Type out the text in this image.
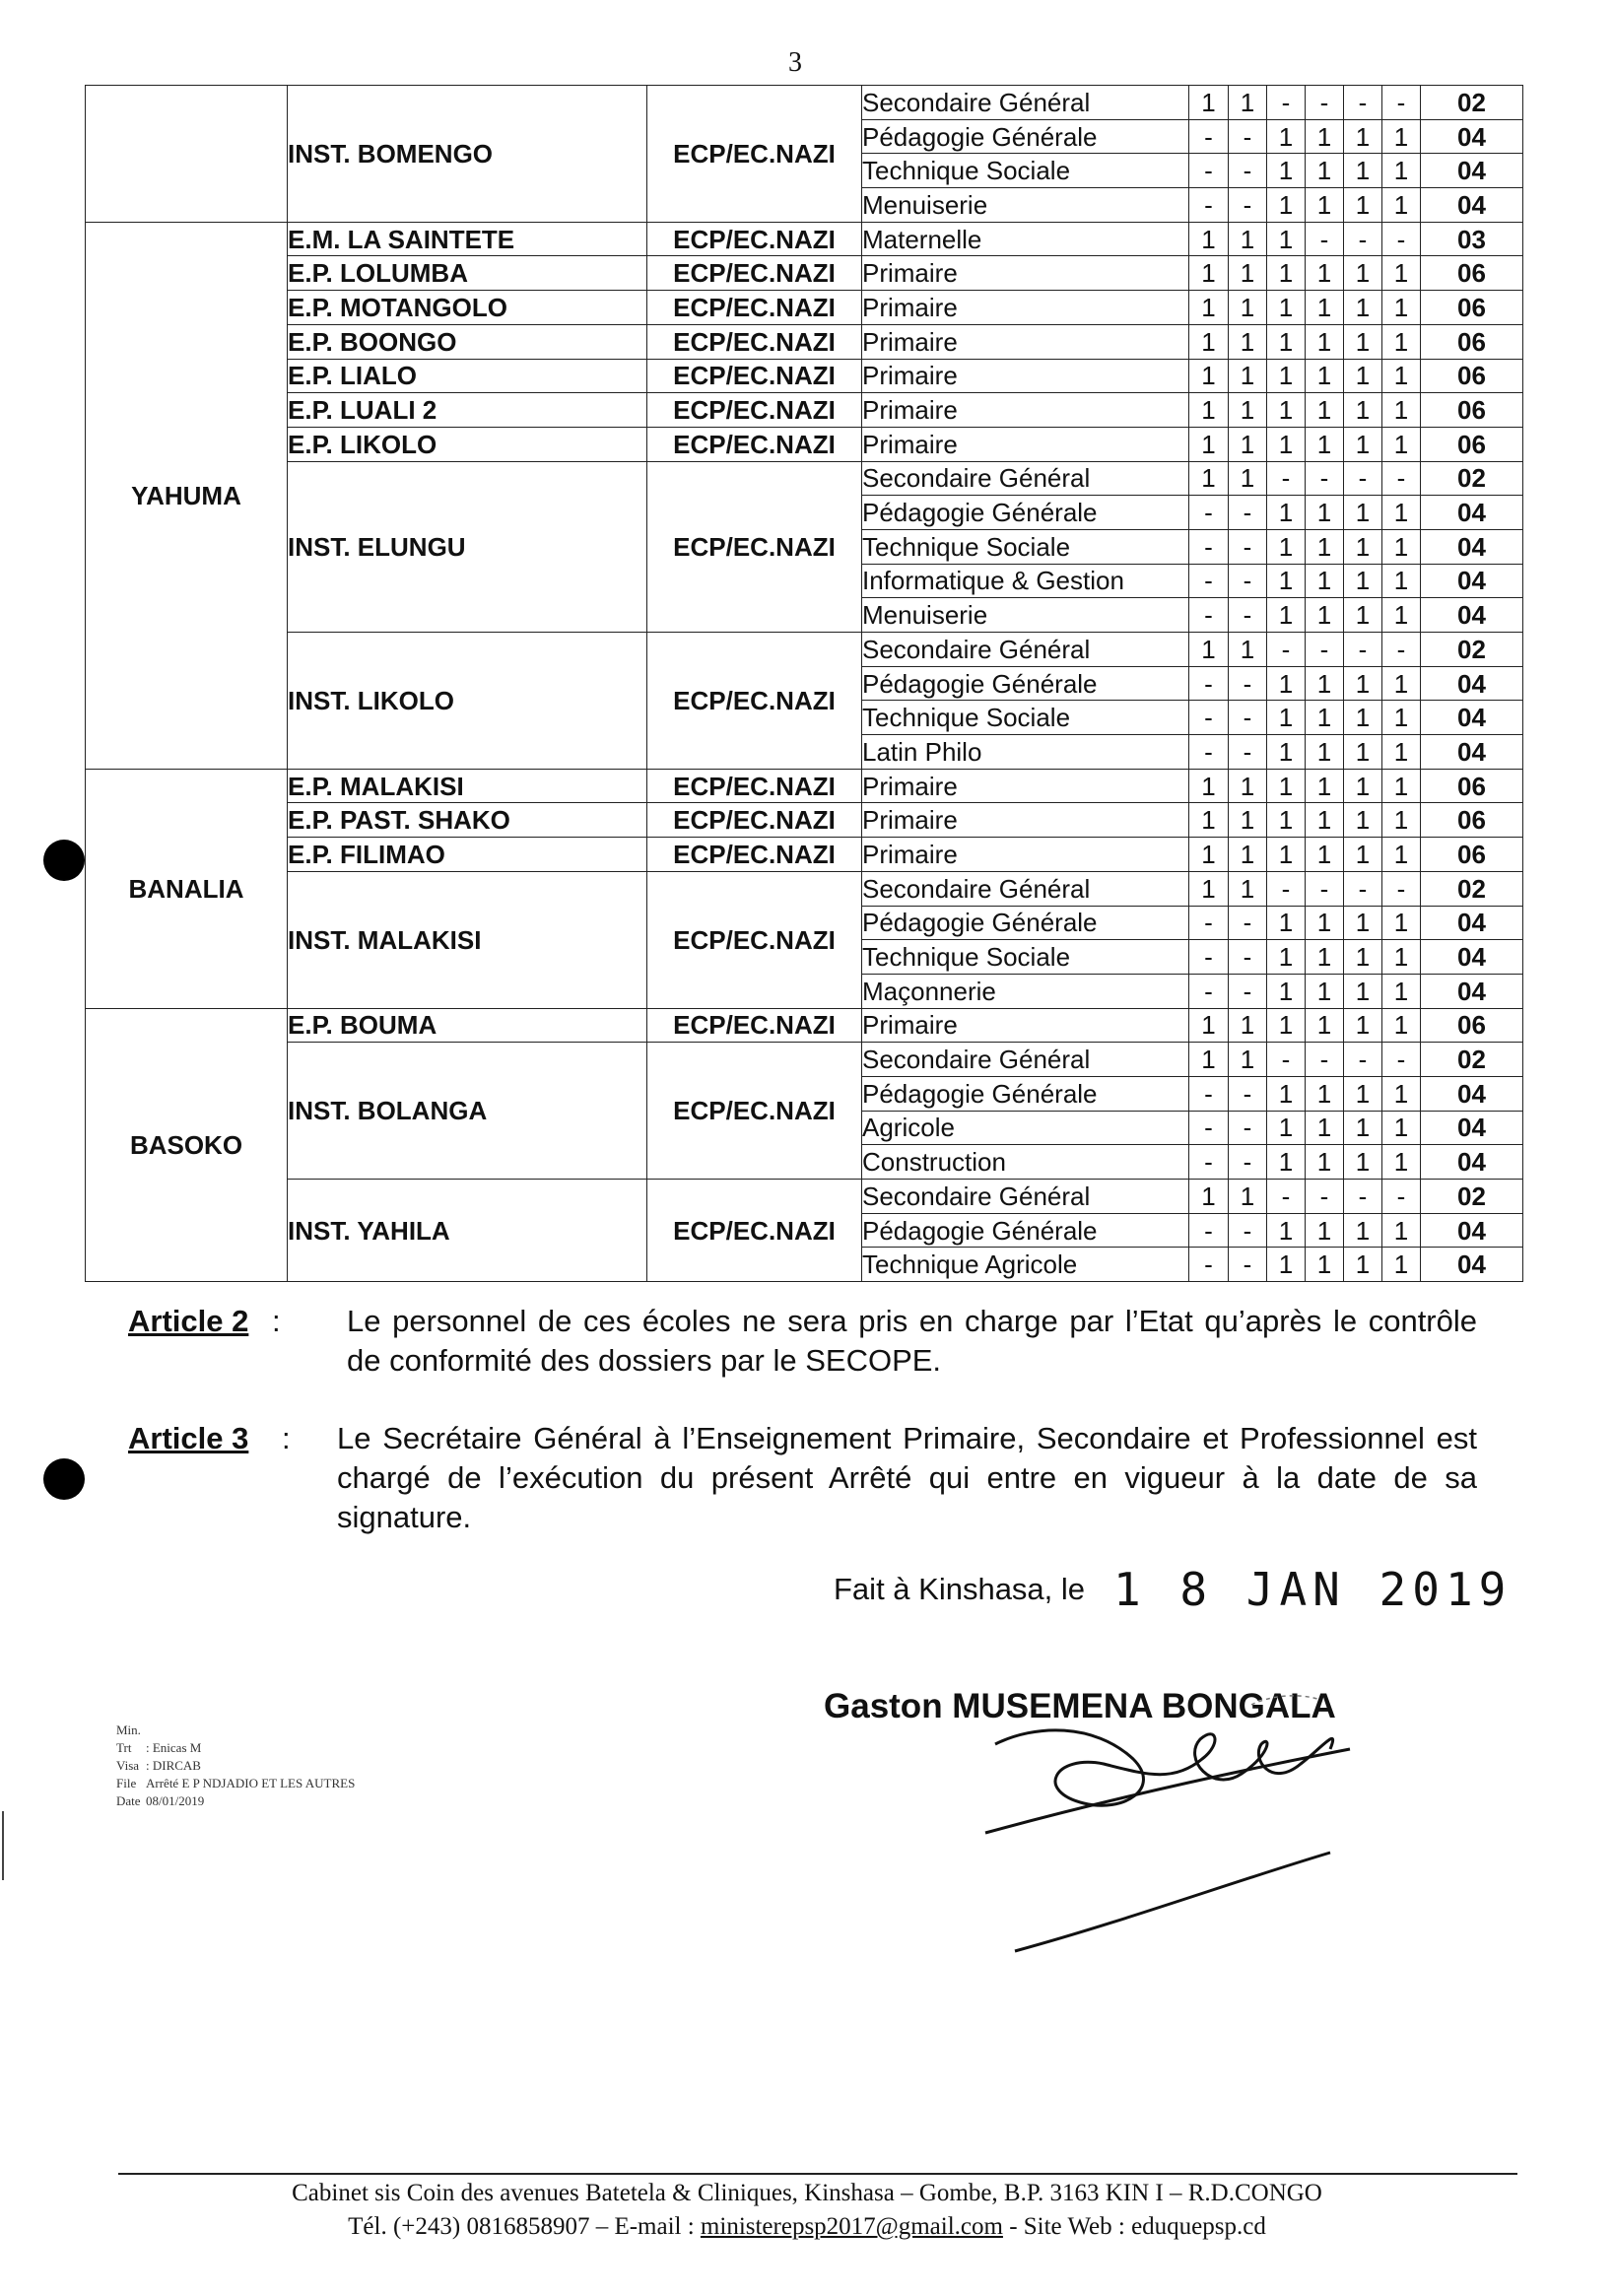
3
	INST. BOMENGO	ECP/EC.NAZI	Secondaire Général	1	1	-	-	-	-	02
			Pédagogie Générale	-	-	1	1	1	1	04
			Technique Sociale	-	-	1	1	1	1	04
			Menuiserie	-	-	1	1	1	1	04
YAHUMA	E.M. LA SAINTETE	ECP/EC.NAZI	Maternelle	1	1	1	-	-	-	03
	E.P. LOLUMBA	ECP/EC.NAZI	Primaire	1	1	1	1	1	1	06
	E.P. MOTANGOLO	ECP/EC.NAZI	Primaire	1	1	1	1	1	1	06
	E.P. BOONGO	ECP/EC.NAZI	Primaire	1	1	1	1	1	1	06
	E.P. LIALO	ECP/EC.NAZI	Primaire	1	1	1	1	1	1	06
	E.P. LUALI 2	ECP/EC.NAZI	Primaire	1	1	1	1	1	1	06
	E.P. LIKOLO	ECP/EC.NAZI	Primaire	1	1	1	1	1	1	06
	INST. ELUNGU	ECP/EC.NAZI	Secondaire Général	1	1	-	-	-	-	02
			Pédagogie Générale	-	-	1	1	1	1	04
			Technique Sociale	-	-	1	1	1	1	04
			Informatique & Gestion	-	-	1	1	1	1	04
			Menuiserie	-	-	1	1	1	1	04
	INST. LIKOLO	ECP/EC.NAZI	Secondaire Général	1	1	-	-	-	-	02
			Pédagogie Générale	-	-	1	1	1	1	04
			Technique Sociale	-	-	1	1	1	1	04
			Latin Philo	-	-	1	1	1	1	04
BANALIA	E.P. MALAKISI	ECP/EC.NAZI	Primaire	1	1	1	1	1	1	06
	E.P. PAST. SHAKO	ECP/EC.NAZI	Primaire	1	1	1	1	1	1	06
	E.P. FILIMAO	ECP/EC.NAZI	Primaire	1	1	1	1	1	1	06
	INST. MALAKISI	ECP/EC.NAZI	Secondaire Général	1	1	-	-	-	-	02
			Pédagogie Générale	-	-	1	1	1	1	04
			Technique Sociale	-	-	1	1	1	1	04
			Maçonnerie	-	-	1	1	1	1	04
BASOKO	E.P. BOUMA	ECP/EC.NAZI	Primaire	1	1	1	1	1	1	06
	INST. BOLANGA	ECP/EC.NAZI	Secondaire Général	1	1	-	-	-	-	02
			Pédagogie Générale	-	-	1	1	1	1	04
			Agricole	-	-	1	1	1	1	04
			Construction	-	-	1	1	1	1	04
	INST. YAHILA	ECP/EC.NAZI	Secondaire Général	1	1	-	-	-	-	02
			Pédagogie Générale	-	-	1	1	1	1	04
			Technique Agricole	-	-	1	1	1	1	04
Article 2 : Le personnel de ces écoles ne sera pris en charge par l’Etat qu’après le contrôle de conformité des dossiers par le SECOPE.
Article 3 : Le Secrétaire Général à l’Enseignement Primaire, Secondaire et Professionnel est chargé de l’exécution du présent Arrêté qui entre en vigueur à la date de sa signature.
Fait à Kinshasa, le 1 8 JAN 2019
Gaston MUSEMENA BONGALA
Min.
Trt : Enicas M
Visa : DIRCAB
File Arrêté E P NDJADIO ET LES AUTRES
Date 08/01/2019
Cabinet sis Coin des avenues Batetela & Cliniques, Kinshasa – Gombe, B.P. 3163 KIN I – R.D.CONGO
Tél. (+243) 0816858907 – E-mail : ministerepsp2017@gmail.com - Site Web : eduquepsp.cd
